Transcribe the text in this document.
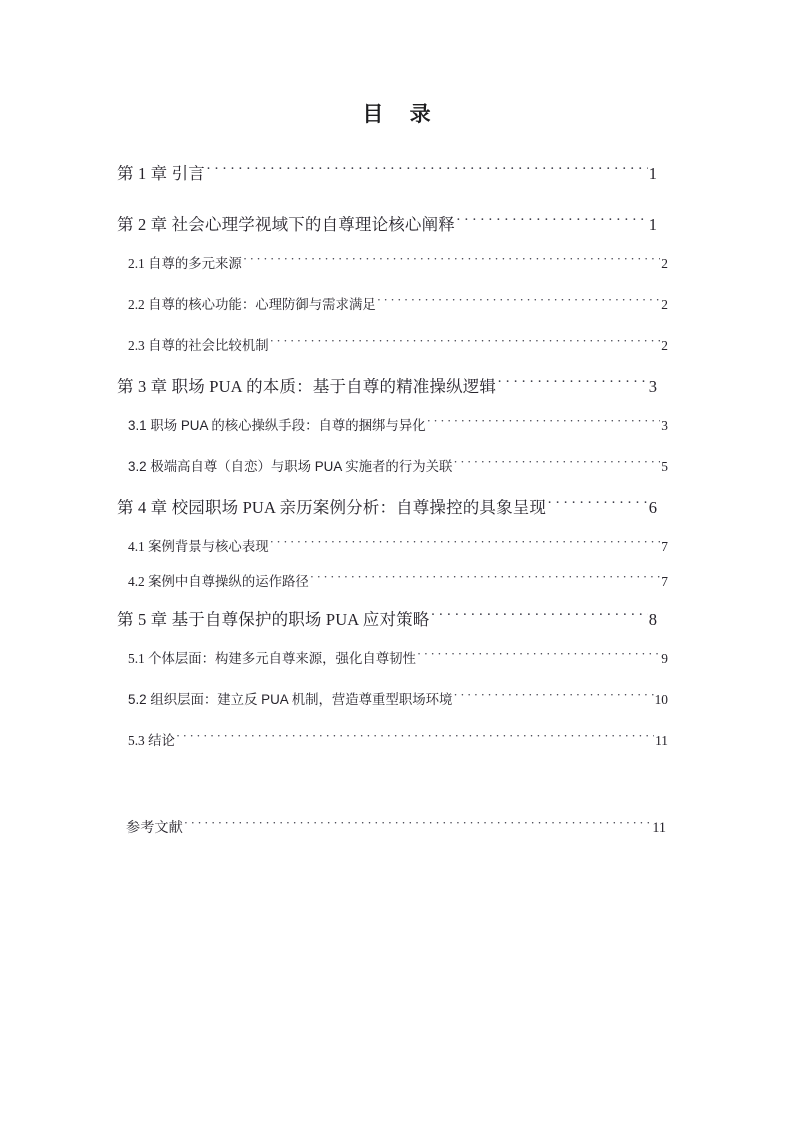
目 录
第 1 章 引言 ·····	1
第 2 章 社会心理学视域下的自尊理论核心阐释 ·····	1
2.1 自尊的多元来源 ·····	2
2.2 自尊的核心功能：心理防御与需求满足 ·····	2
2.3 自尊的社会比较机制 ·····	2
第 3 章 职场 PUA 的本质：基于自尊的精准操纵逻辑 ·····	3
3.1 职场 PUA 的核心操纵手段：自尊的捆绑与异化 ·····	3
3.2 极端高自尊（自恋）与职场 PUA 实施者的行为关联 ·····	5
第 4 章 校园职场 PUA 亲历案例分析：自尊操控的具象呈现 ·····	6
4.1 案例背景与核心表现 ·····	7
4.2 案例中自尊操纵的运作路径 ·····	7
第 5 章 基于自尊保护的职场 PUA 应对策略 ·····	8
5.1 个体层面：构建多元自尊来源，强化自尊韧性 ·····	9
5.2 组织层面：建立反 PUA 机制，营造尊重型职场环境 ·····	10
5.3 结论 ·····	11
参考文献 ·····	11
